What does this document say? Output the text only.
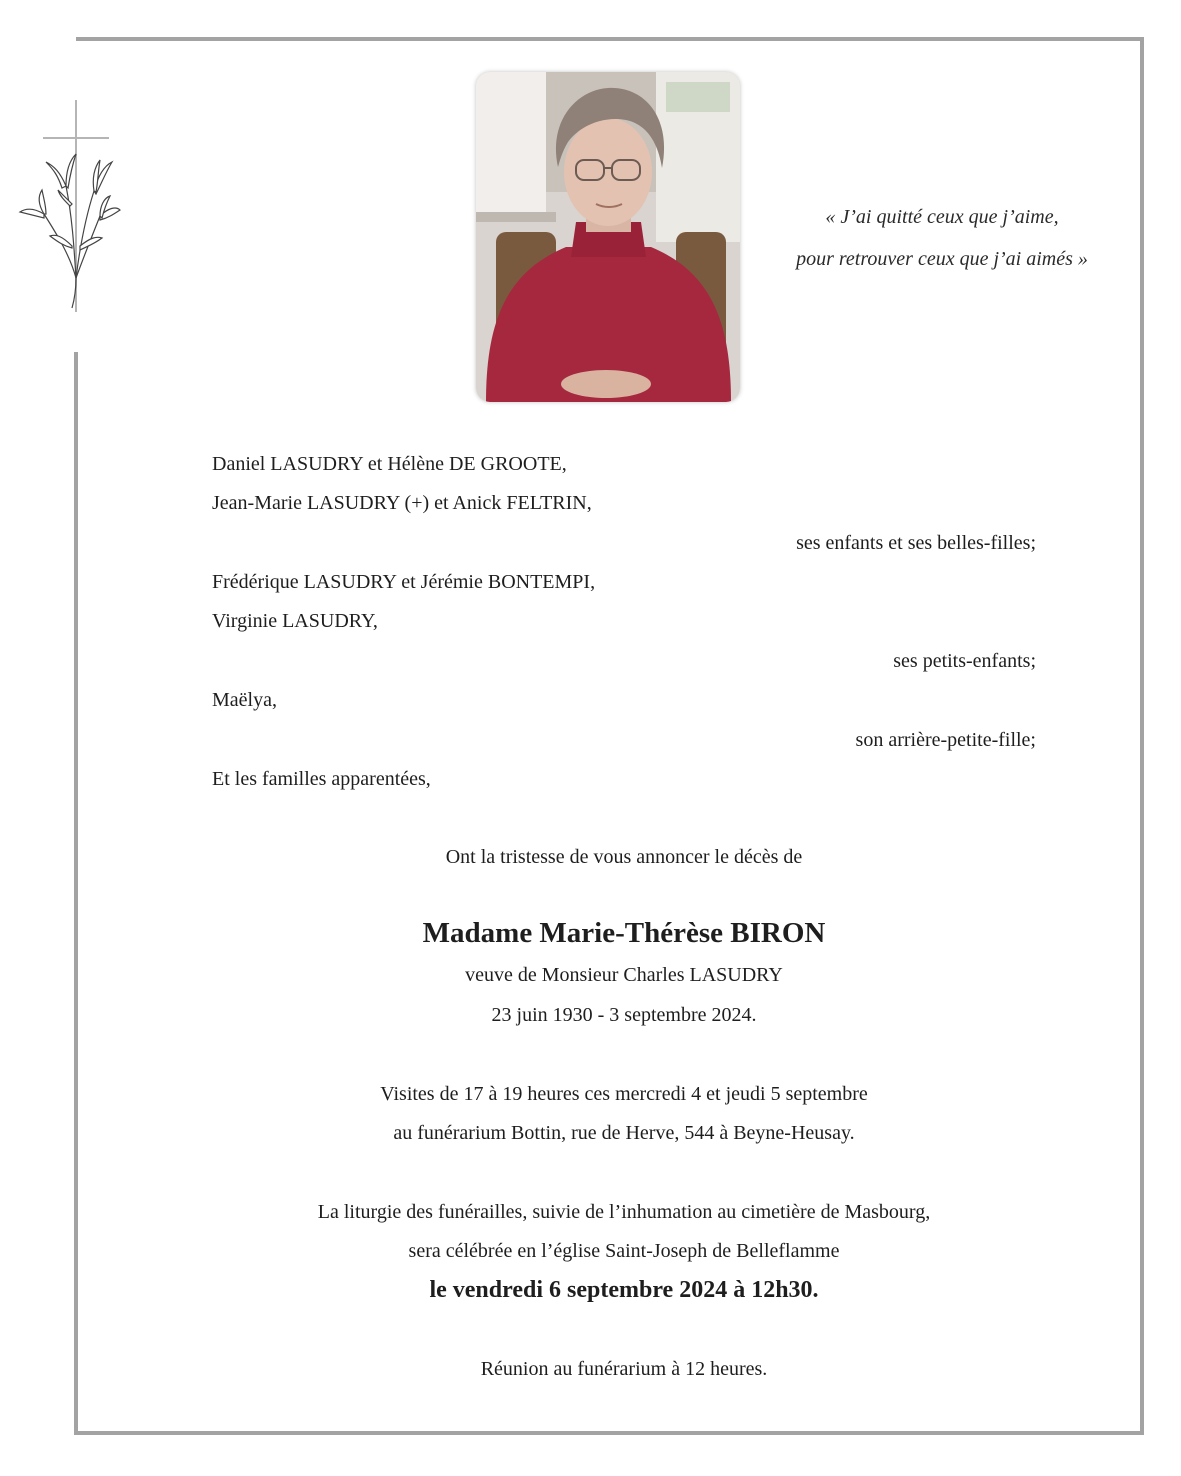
« J’ai quitté ceux que j’aime,
pour retrouver ceux que j’ai aimés »
Daniel LASUDRY et Hélène DE GROOTE,
Jean-Marie LASUDRY (+) et Anick FELTRIN,
ses enfants et ses belles-filles;
Frédérique LASUDRY et Jérémie BONTEMPI,
Virginie LASUDRY,
ses petits-enfants;
Maëlya,
son arrière-petite-fille;
Et les familles apparentées,
Ont la tristesse de vous annoncer le décès de
Madame Marie-Thérèse BIRON
veuve de Monsieur Charles LASUDRY
23 juin 1930 - 3 septembre 2024.
Visites de 17 à 19 heures ces mercredi 4 et jeudi 5 septembre
au funérarium Bottin, rue de Herve, 544 à Beyne-Heusay.
La liturgie des funérailles, suivie de l’inhumation au cimetière de Masbourg,
sera célébrée en l’église Saint-Joseph de Belleflamme
le vendredi 6 septembre 2024 à 12h30.
Réunion au funérarium à 12 heures.
